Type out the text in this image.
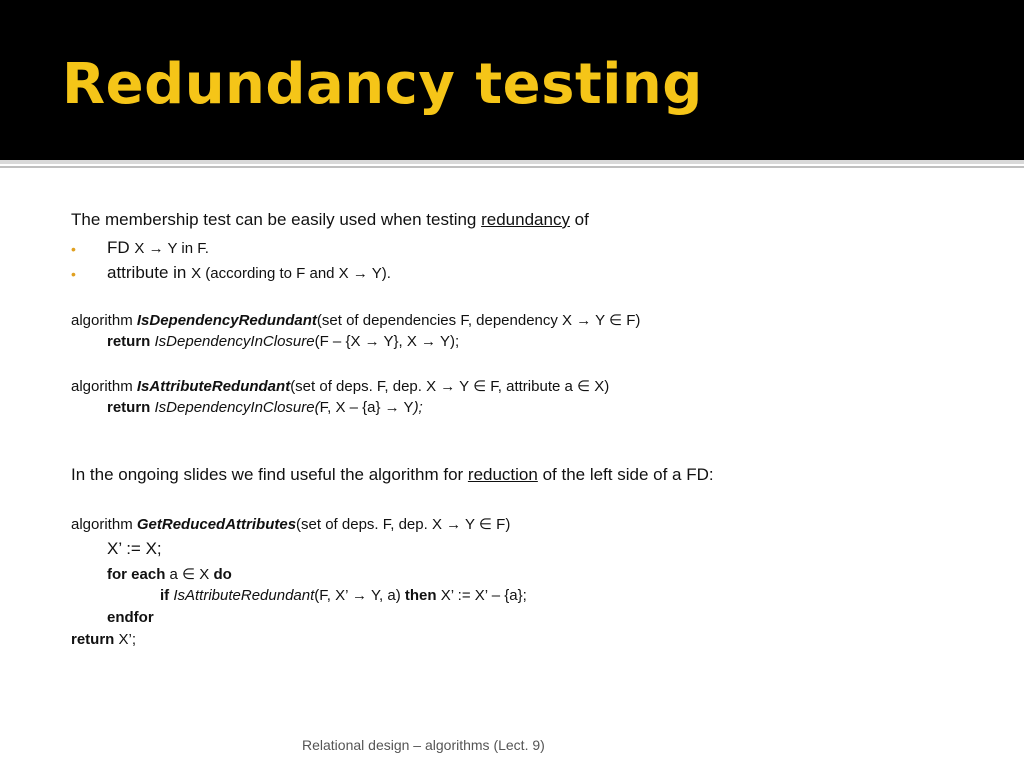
Redundancy testing
The membership test can be easily used when testing redundancy of
• FD X → Y in F.
• attribute in X (according to F and X → Y).
algorithm IsDependencyRedundant(set of dependencies F, dependency X → Y ∈ F)
return IsDependencyInClosure(F – {X → Y}, X → Y);
algorithm IsAttributeRedundant(set of deps. F, dep. X → Y ∈ F, attribute a ∈ X)
return IsDependencyInClosure(F, X – {a} → Y);
In the ongoing slides we find useful the algorithm for reduction of the left side of a FD:
algorithm GetReducedAttributes(set of deps. F, dep. X → Y ∈ F)
X’ := X;
for each a ∈ X do
if IsAttributeRedundant(F, X’ → Y, a) then X’ := X’ – {a};
endfor
return X’;
Relational design – algorithms (Lect. 9)
